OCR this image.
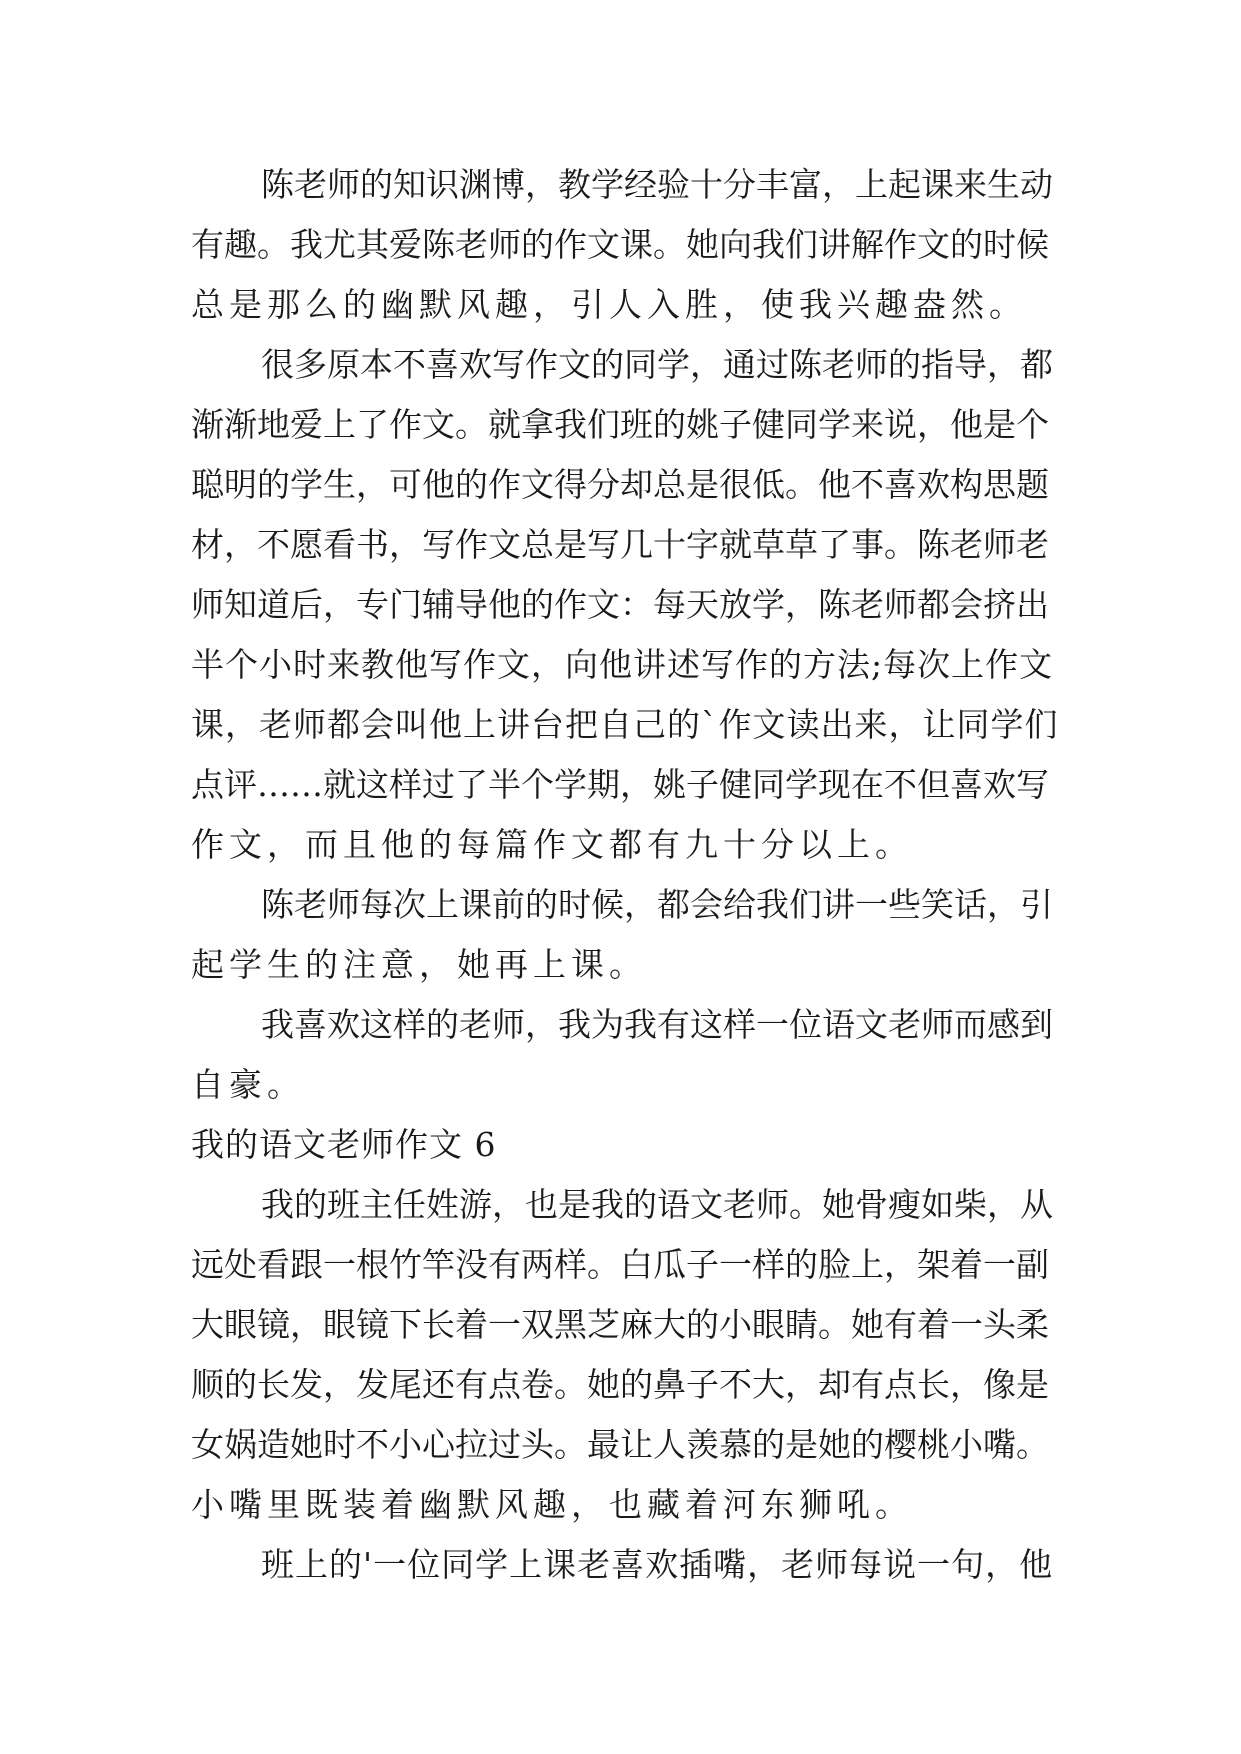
陈老师的知识渊博，教学经验十分丰富，上起课来生动
有趣。我尤其爱陈老师的作文课。她向我们讲解作文的时候
总是那么的幽默风趣，引人入胜，使我兴趣盎然。
很多原本不喜欢写作文的同学，通过陈老师的指导，都
渐渐地爱上了作文。就拿我们班的姚子健同学来说，他是个
聪明的学生，可他的作文得分却总是很低。他不喜欢构思题
材，不愿看书，写作文总是写几十字就草草了事。陈老师老
师知道后，专门辅导他的作文：每天放学，陈老师都会挤出
半个小时来教他写作文，向他讲述写作的方法;每次上作文
课，老师都会叫他上讲台把自己的`作文读出来，让同学们
点评……就这样过了半个学期，姚子健同学现在不但喜欢写
作文，而且他的每篇作文都有九十分以上。
陈老师每次上课前的时候，都会给我们讲一些笑话，引
起学生的注意，她再上课。
我喜欢这样的老师，我为我有这样一位语文老师而感到
自豪。
我的语文老师作文 6
我的班主任姓游，也是我的语文老师。她骨瘦如柴，从
远处看跟一根竹竿没有两样。白瓜子一样的脸上，架着一副
大眼镜，眼镜下长着一双黑芝麻大的小眼睛。她有着一头柔
顺的长发，发尾还有点卷。她的鼻子不大，却有点长，像是
女娲造她时不小心拉过头。最让人羡慕的是她的樱桃小嘴。
小嘴里既装着幽默风趣，也藏着河东狮吼。
班上的'一位同学上课老喜欢插嘴，老师每说一句，他
